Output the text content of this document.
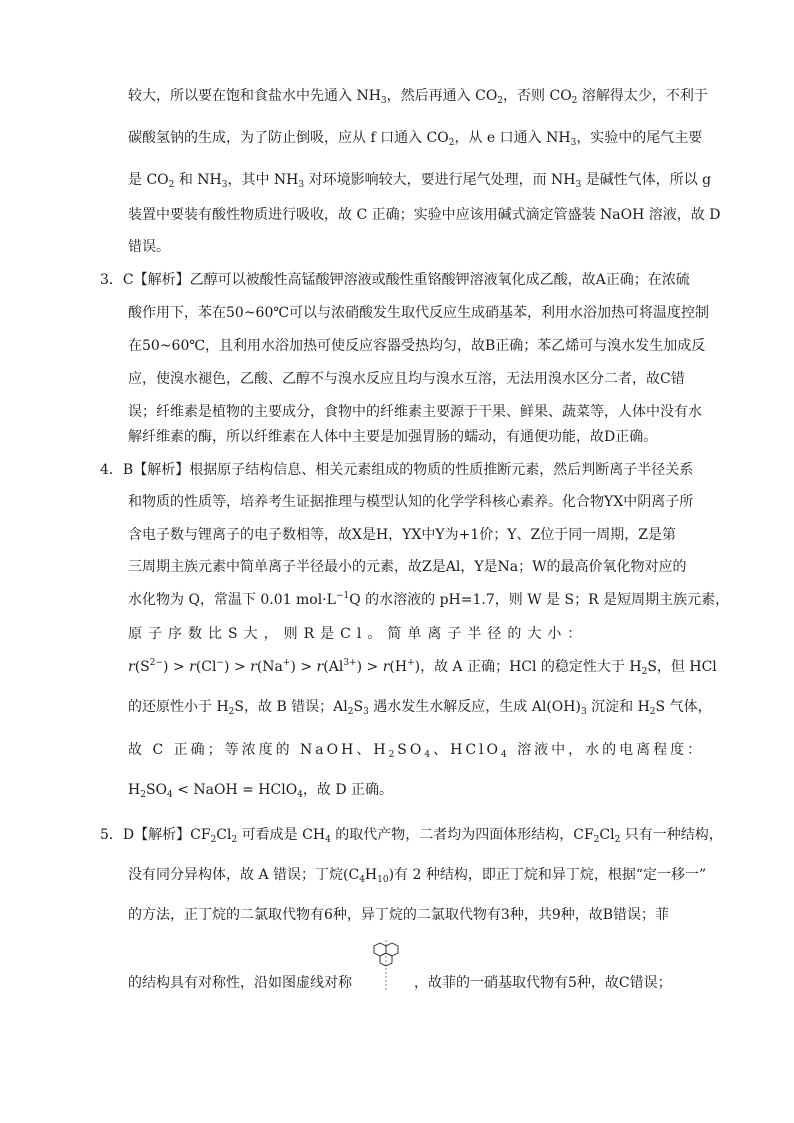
较大，所以要在饱和食盐水中先通入 $NH_3$，然后再通入 $CO_2$，否则 $CO_2$ 溶解得太少，不利于
碳酸氢钠的生成，为了防止倒吸，应从 f 口通入 $CO_2$，从 e 口通入 $NH_3$，实验中的尾气主要
是 $CO_2$ 和 $NH_3$，其中 $NH_3$ 对环境影响较大，要进行尾气处理，而 $NH_3$ 是碱性气体，所以 g
装置中要装有酸性物质进行吸收，故 C 正确；实验中应该用碱式滴定管盛装 NaOH 溶液，故 D
错误。
3．C【解析】乙醇可以被酸性高锰酸钾溶液或酸性重铬酸钾溶液氧化成乙酸，故A正确；在浓硫
酸作用下，苯在50~60℃可以与浓硝酸发生取代反应生成硝基苯，利用水浴加热可将温度控制
在50~60℃，且利用水浴加热可使反应容器受热均匀，故B正确；苯乙烯可与溴水发生加成反
应，使溴水褪色，乙酸、乙醇不与溴水反应且均与溴水互溶，无法用溴水区分二者，故C错
误；纤维素是植物的主要成分，食物中的纤维素主要源于干果、鲜果、蔬菜等，人体中没有水
解纤维素的酶，所以纤维素在人体中主要是加强胃肠的蠕动，有通便功能，故D正确。
4．B【解析】根据原子结构信息、相关元素组成的物质的性质推断元素，然后判断离子半径关系
和物质的性质等，培养考生证据推理与模型认知的化学学科核心素养。化合物YX中阴离子所
含电子数与锂离子的电子数相等，故X是H，YX中Y为+1价；Y、Z位于同一周期，Z是第
三周期主族元素中简单离子半径最小的元素，故Z是Al，Y是Na；W的最高价氧化物对应的
水化物为 Q，常温下 0.01 $mol\cdot L^{-1}Q$ 的水溶液的 pH=1.7，则 W 是 S；R 是短周期主族元素，
原子序数比S大，则R是Cl。简单离子半径的大小：
$r(S^{2-}) > r(Cl^-) > r(Na^+) > r(Al^{3+}) > r(H^+)$，故 A 正确；HCl 的稳定性大于 $H_2S$，但 HCl
的还原性小于 $H_2S$，故 B 错误；$Al_2S_3$ 遇水发生水解反应，生成 $Al(OH)_3$ 沉淀和 $H_2S$ 气体，
故 C 正确；等浓度的 NaOH、$H_2SO_4$、HClO$_4$ 溶液中，水的电离程度：
$H_2SO_4$ < NaOH = HClO$_4$，故 D 正确。
5．D【解析】$CF_2Cl_2$ 可看成是 $CH_4$ 的取代产物，二者均为四面体形结构，$CF_2Cl_2$ 只有一种结构，
没有同分异构体，故 A 错误；丁烷$(C_4H_{10})$有 2 种结构，即正丁烷和异丁烷，根据“定一移一”
的方法，正丁烷的二氯取代物有6种，异丁烷的二氯取代物有3种，共9种，故B错误；菲
的结构具有对称性，沿如图虚线对称	，故菲的一硝基取代物有5种，故C错误；
